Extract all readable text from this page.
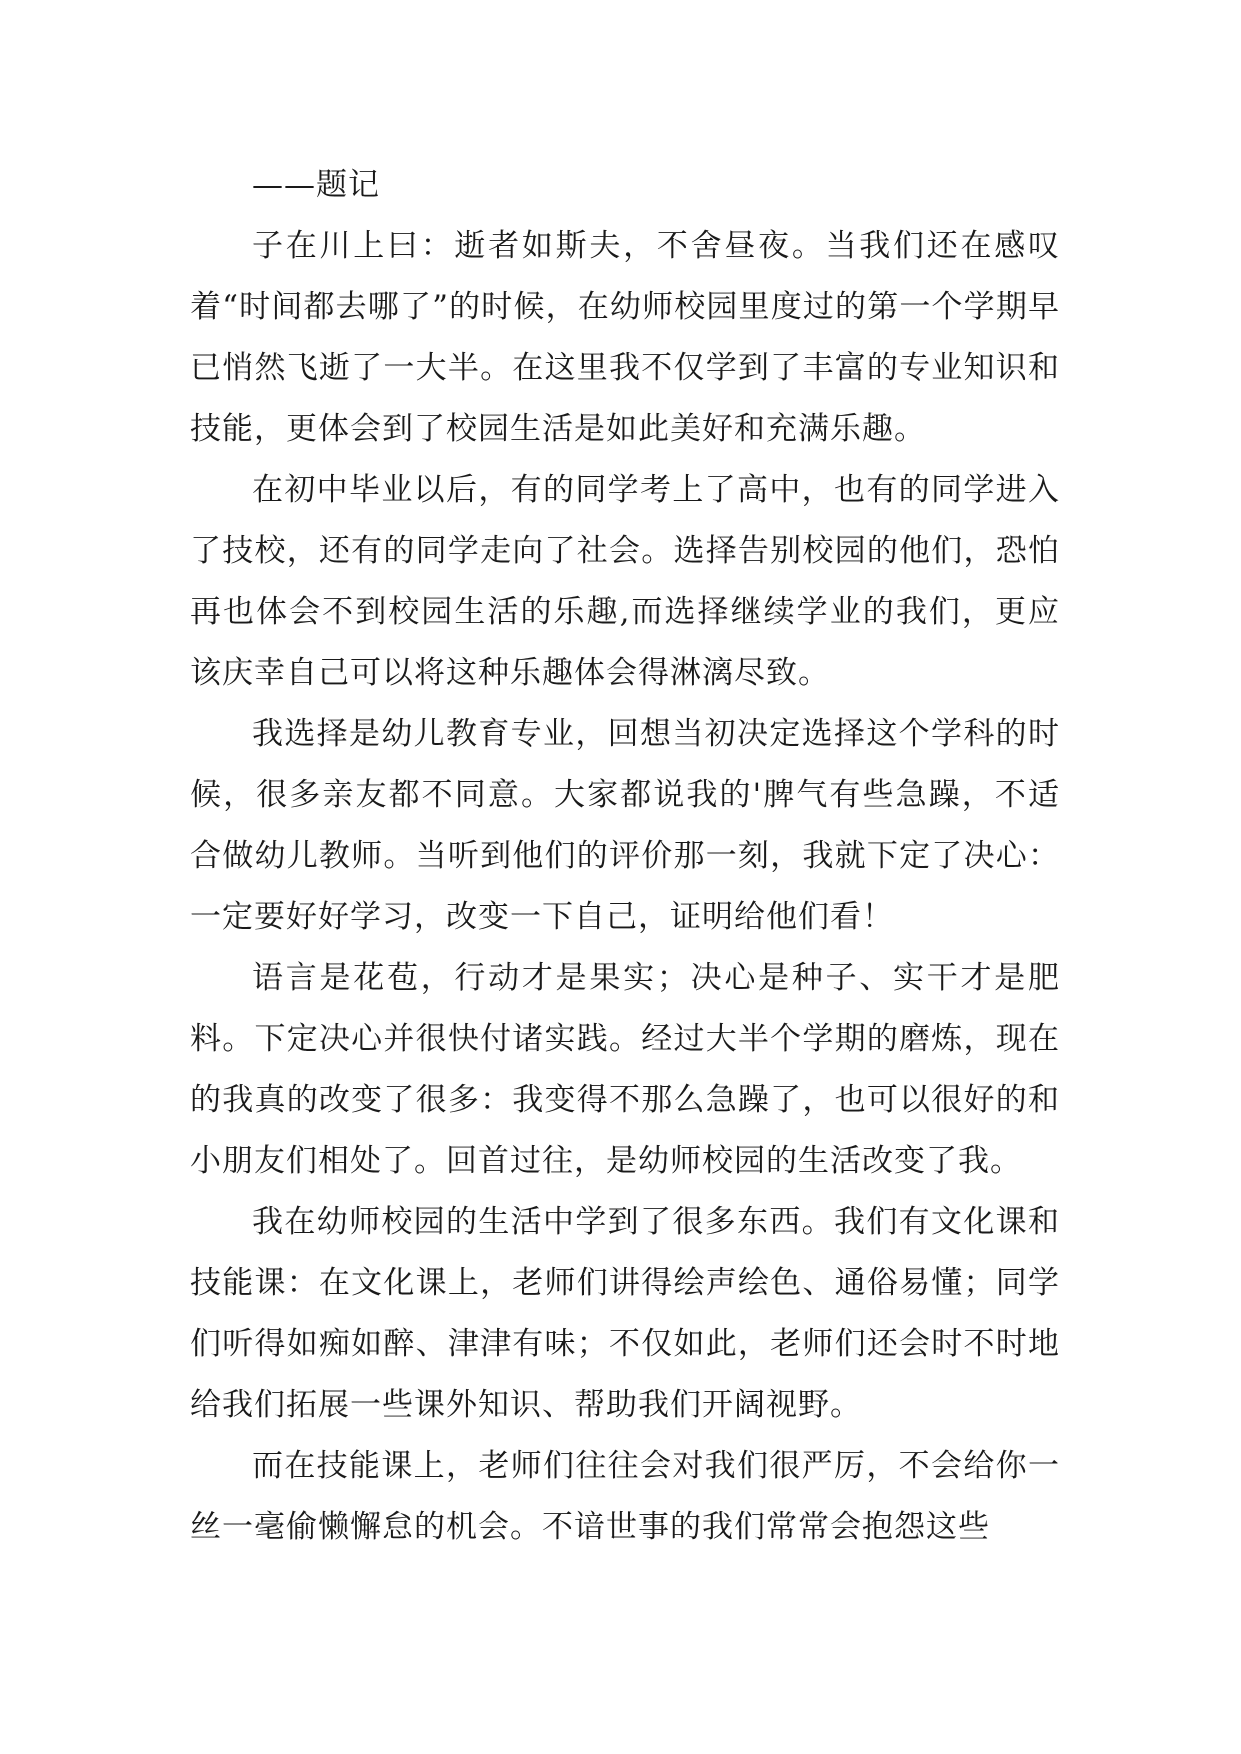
——题记

子在川上曰：逝者如斯夫，不舍昼夜。当我们还在感叹着“时间都去哪了”的时候，在幼师校园里度过的第一个学期早已悄然飞逝了一大半。在这里我不仅学到了丰富的专业知识和技能，更体会到了校园生活是如此美好和充满乐趣。

在初中毕业以后，有的同学考上了高中，也有的同学进入了技校，还有的同学走向了社会。选择告别校园的他们，恐怕再也体会不到校园生活的乐趣,而选择继续学业的我们，更应该庆幸自己可以将这种乐趣体会得淋漓尽致。

我选择是幼儿教育专业，回想当初决定选择这个学科的时候，很多亲友都不同意。大家都说我的'脾气有些急躁，不适合做幼儿教师。当听到他们的评价那一刻，我就下定了决心：一定要好好学习，改变一下自己，证明给他们看！

语言是花苞，行动才是果实；决心是种子、实干才是肥料。下定决心并很快付诸实践。经过大半个学期的磨炼，现在的我真的改变了很多：我变得不那么急躁了，也可以很好的和小朋友们相处了。回首过往，是幼师校园的生活改变了我。

我在幼师校园的生活中学到了很多东西。我们有文化课和技能课：在文化课上，老师们讲得绘声绘色、通俗易懂；同学们听得如痴如醉、津津有味；不仅如此，老师们还会时不时地给我们拓展一些课外知识、帮助我们开阔视野。

而在技能课上，老师们往往会对我们很严厉，不会给你一丝一毫偷懒懈怠的机会。不谙世事的我们常常会抱怨这些
